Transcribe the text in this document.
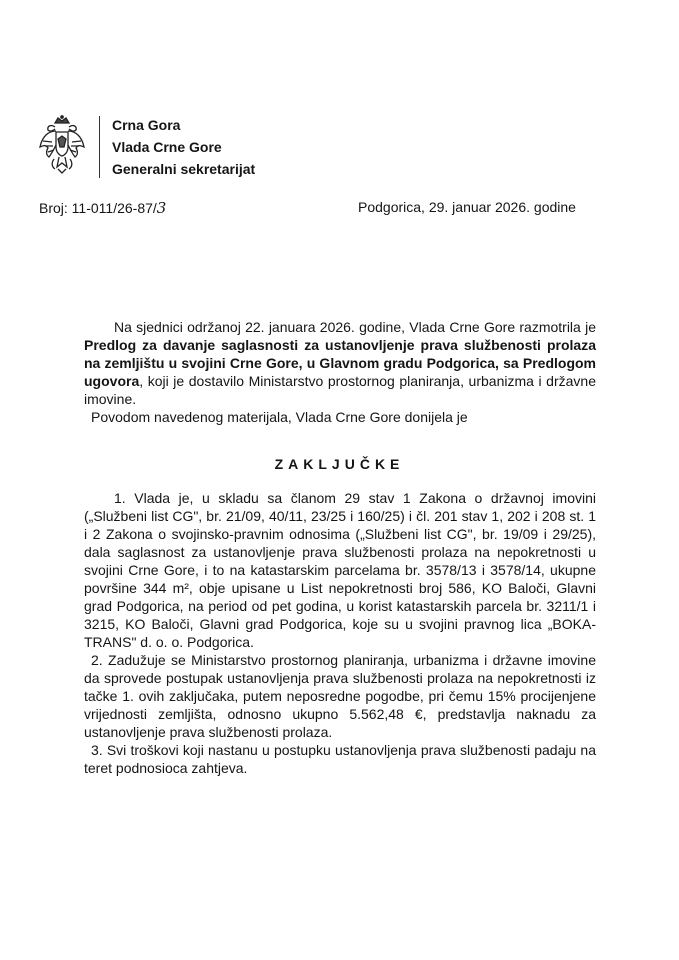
Crna Gora
Vlada Crne Gore
Generalni sekretarijat
Broj: 11-011/26-87/3	Podgorica, 29. januar 2026. godine

Na sjednici održanoj 22. januara 2026. godine, Vlada Crne Gore razmotrila je Predlog za davanje saglasnosti za ustanovljenje prava službenosti prolaza na zemljištu u svojini Crne Gore, u Glavnom gradu Podgorica, sa Predlogom ugovora, koji je dostavilo Ministarstvo prostornog planiranja, urbanizma i državne imovine.

Povodom navedenog materijala, Vlada Crne Gore donijela je

ZAKLJUČKE

1. Vlada je, u skladu sa članom 29 stav 1 Zakona o državnoj imovini („Službeni list CG", br. 21/09, 40/11, 23/25 i 160/25) i čl. 201 stav 1, 202 i 208 st. 1 i 2 Zakona o svojinsko-pravnim odnosima („Službeni list CG", br. 19/09 i 29/25), dala saglasnost za ustanovljenje prava službenosti prolaza na nepokretnosti u svojini Crne Gore, i to na katastarskim parcelama br. 3578/13 i 3578/14, ukupne površine 344 m², obje upisane u List nepokretnosti broj 586, KO Baloči, Glavni grad Podgorica, na period od pet godina, u korist katastarskih parcela br. 3211/1 i 3215, KO Baloči, Glavni grad Podgorica, koje su u svojini pravnog lica „BOKA-TRANS" d. o. o. Podgorica.

2. Zadužuje se Ministarstvo prostornog planiranja, urbanizma i državne imovine da sprovede postupak ustanovljenja prava službenosti prolaza na nepokretnosti iz tačke 1. ovih zaključaka, putem neposredne pogodbe, pri čemu 15% procijenjene vrijednosti zemljišta, odnosno ukupno 5.562,48 €, predstavlja naknadu za ustanovljenje prava službenosti prolaza.

3. Svi troškovi koji nastanu u postupku ustanovljenja prava službenosti padaju na teret podnosioca zahtjeva.
